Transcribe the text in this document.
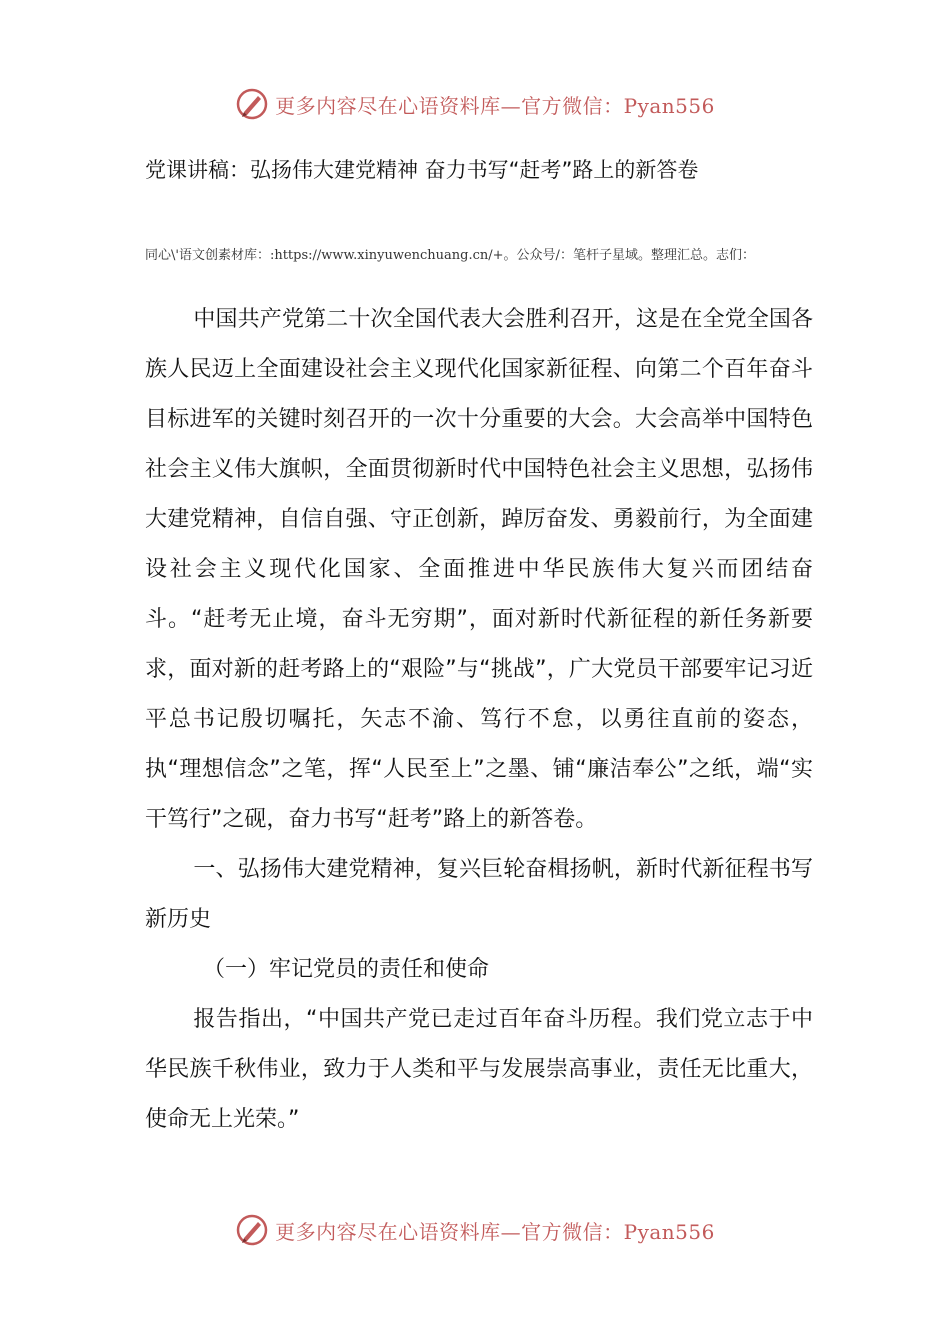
更多内容尽在心语资料库—官方微信：Pyan556
党课讲稿：弘扬伟大建党精神 奋力书写“赶考”路上的新答卷

同心\'语文创素材库：:https://www.xinyuwenchuang.cn/+。公众号/：笔杆子星域。整理汇总。志们：

中国共产党第二十次全国代表大会胜利召开，这是在全党全国各族人民迈上全面建设社会主义现代化国家新征程、向第二个百年奋斗目标进军的关键时刻召开的一次十分重要的大会。大会高举中国特色社会主义伟大旗帜，全面贯彻新时代中国特色社会主义思想，弘扬伟大建党精神，自信自强、守正创新，踔厉奋发、勇毅前行，为全面建设社会主义现代化国家、全面推进中华民族伟大复兴而团结奋斗。“赶考无止境，奋斗无穷期”，面对新时代新征程的新任务新要求，面对新的赶考路上的“艰险”与“挑战”，广大党员干部要牢记习近平总书记殷切嘱托，矢志不渝、笃行不怠，以勇往直前的姿态，执“理想信念”之笔，挥“人民至上”之墨、铺“廉洁奉公”之纸，端“实干笃行”之砚，奋力书写“赶考”路上的新答卷。

一、弘扬伟大建党精神，复兴巨轮奋楫扬帆，新时代新征程书写新历史

（一）牢记党员的责任和使命

报告指出，“中国共产党已走过百年奋斗历程。我们党立志于中华民族千秋伟业，致力于人类和平与发展崇高事业，责任无比重大，使命无上光荣。”

更多内容尽在心语资料库—官方微信：Pyan556
